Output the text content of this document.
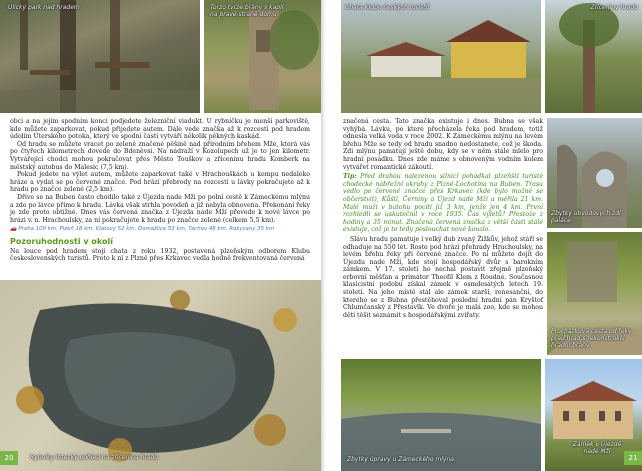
Ulický park nad hradem	Torzo tvrze brány s kaplí na pravé straně domu

obci a na jejím spodním konci podjedete železniční viadukt. U rybníčku je menší parkoviště, kde můžete zaparkovat, pokud přijedete autem. Dále vede značka až k rozcestí pod hradem údolím Úterského potoka, který ve spodní části vytváří několik pěkných kaskád.

Od hradu se můžete vracet po zeleně značené pěšině nad přírodním břehem Mže, která vás po čtyřech kilometrech dovede do Bdeněvsi. Na nádraží v Kozolupech už je to jen kilometr. Vytvářející chodci mohou pokračovat přes Město Touškov a zříceninu hradu Komberk na městský autobus do Malesic (7,5 km).

Pokud jedete na výlet autem, můžete zaparkovat také v Hrachouškách u kempu nedaleko hráze a vydat se po červené značce. Pod hrází přebrody na rozcestí u lávky pokračujete až k hradu po značce zelené (2,5 km).

Dříve se na Buben často chodilo také z Újezda nade Mží po polní cestě k Zámeckému mlýnu a zde po lávce přímo k hradu. Lávka však strhla povodeň a již nebyla obnovena. Překonání řeky je zde proto obtížné. Dnes vás červená značka z Újezda nade Mží převede k nové lávce po hrázi v. n. Hrachoulsky, za ní pokračujete k hradu po značce zelené (celkem 5,5 km).

🚗 Praha 109 km, Plzeň 18 km, Klatovy 52 km, Domažlice 53 km, Tachov 48 km, Rokycany 35 km
Pozoruhodnosti v okolí

Na louce pod hradem stojí chata z roku 1932, postavená plzeňským odborem Klubu československých turistů. Proto k ní z Plzně přes Krkavec vedla hodně frekventovaná červená

Rybníky letecký pohled na zřícenina hradu
20
Chata Klubu českých turistů	Zříceniny hradu

značená cesta. Tato značka existuje i dnes. Bubna se však vyhýbá. Lávku, po které přecházela řeka pod hradem, totiž odnesla velká voda v roce 2002. K Zámeckému mlýnu na levém břehu Mže se tedy od hradu snadno nedostanete, což je škoda. Zdi mlýnu pamatují ještě dobu, kdy se v něm stále mlelo pro hradní posádku. Dnes zde máme s obnoveným vodním kolem vytvářet romantické zákoutí.

Tip: Před drahou nalezenou silnicí pohádkal plzeňští turisté chodecké nábřežní okruhy z Plzně-Lochotína na Buben. Trasu vedlo po červené značce přes Krkavec (kde bylo možné se občerstvit), Kůští, Černiny a Újezd nade Mží a měřila 21 km. Malé muži v batohu pocítí již 3 km, jenže jen 4 km. První rozhlédli se uskutečnil v roce 1935. Čas výletů? Přestože z hodiny a 35 minut. Značená červená značka z větší části stále existuje, což je to tedy poslouchat nové kouzlo.

Slávu hradu pamatuje i velký dub zvaný Žižkův, jehož stáří se odhaduje na 550 let. Roste pod hrází přehrady Hrachoulsky, na levém břehu řeky při červené značce. Po ní můžete dojít do Újezdu nade Mží, kde stojí hospodářský dvůr s barokním zámkem. V 17. století ho nechal postavit zřejmě plzeňský erbovní měšťan a primátor Theofil Klem z Roudné. Současnou klasicistní podobu získal zámek v osmdesátých letech 19. století. Na jeho místě stál ale zámek starší, renesanční, do kterého se z Bubna přestěhoval poslední hradní pán Kryštof Chlumčanský z Přestavlk. Ve dvoře je malá zoo, kde se mohou děti těšit seznámit s hospodářskými zvířaty.

Zbytky obvodových zdí paláce
Procházková cesta od řeky před hrad s rekonstrukcí hradní brány
Zbytky úpravy u Zámeckého mlýna
Zámek v Újezdě nade Mží
21
